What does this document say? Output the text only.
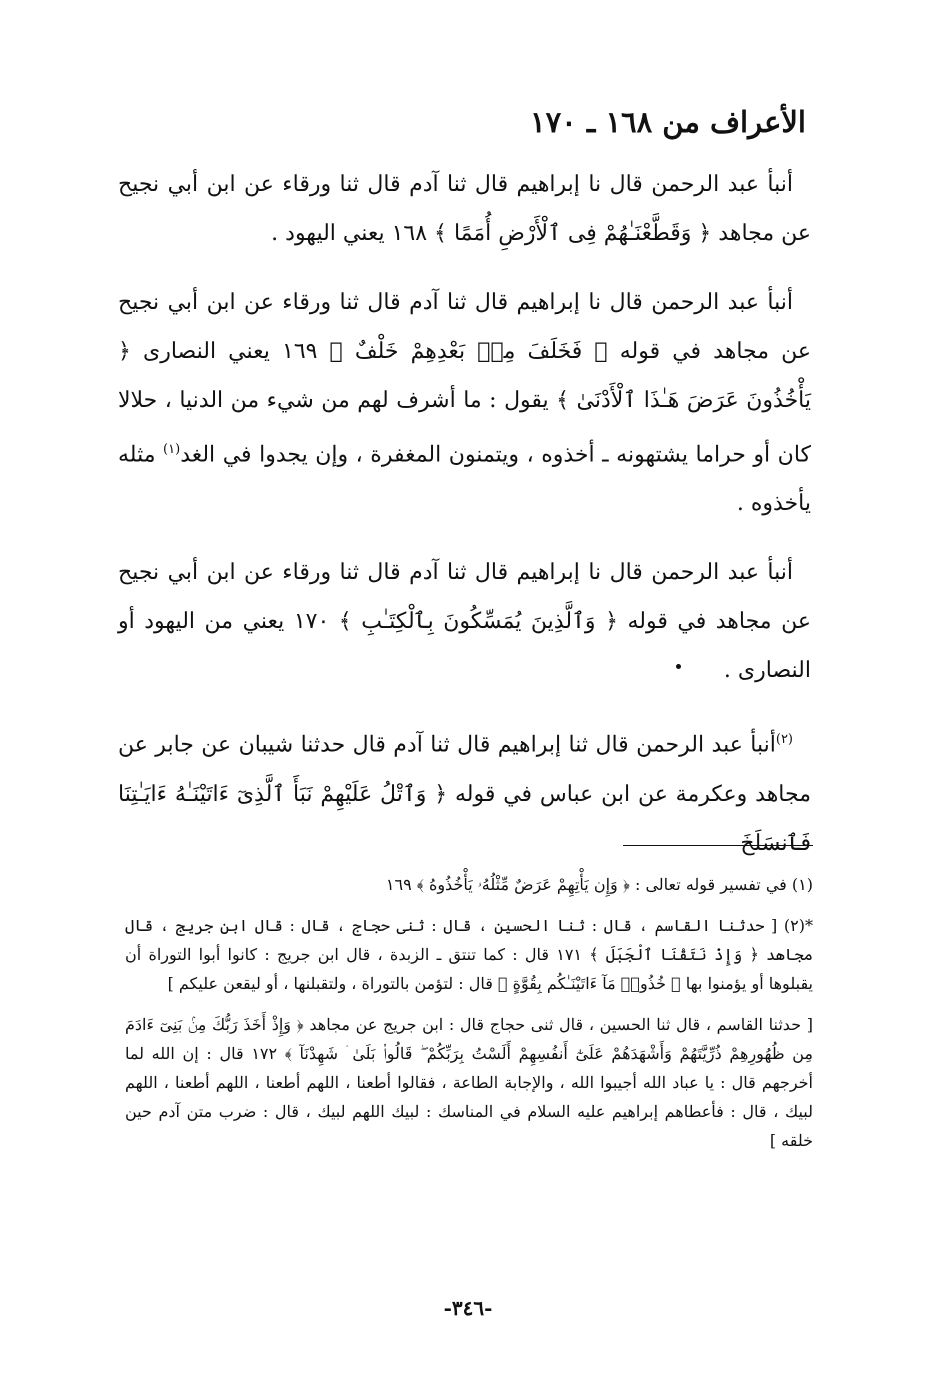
الأعراف من ١٦٨ ـ ١٧٠
أنبأ عبد الرحمن قال نا إبراهيم قال ثنا آدم قال ثنا ورقاء عن ابن أبي نجيح عن مجاهد ﴿ وَقَطَّعْنَـٰهُمْ فِى ٱلْأَرْضِ أُمَمًا ﴾ ١٦٨ يعني اليهود .
أنبأ عبد الرحمن قال نا إبراهيم قال ثنا آدم قال ثنا ورقاء عن ابن أبي نجيح عن مجاهد في قوله ﴿ فَخَلَفَ مِنۢ بَعْدِهِمْ خَلْفٌ ﴾ ١٦٩ يعني النصارى ﴿ يَأْخُذُونَ عَرَضَ هَـٰذَا ٱلْأَدْنَىٰ ﴾ يقول : ما أشرف لهم من شيء من الدنيا ، حلالا كان أو حراما يشتهونه ـ أخذوه ، ويتمنون المغفرة ، وإن يجدوا في الغد$^{(١)}$ مثله يأخذوه .
أنبأ عبد الرحمن قال نا إبراهيم قال ثنا آدم قال ثنا ورقاء عن ابن أبي نجيح عن مجاهد في قوله ﴿ وَٱلَّذِينَ يُمَسِّكُونَ بِٱلْكِتَـٰبِ ﴾ ١٧٠ يعني من اليهود أو النصارى .
$^{(٢)}$أنبأ عبد الرحمن قال ثنا إبراهيم قال ثنا آدم قال حدثنا شيبان عن جابر عن مجاهد وعكرمة عن ابن عباس في قوله ﴿ وَٱتْلُ عَلَيْهِمْ نَبَأَ ٱلَّذِىٓ ءَاتَيْنَـٰهُ ءَايَـٰتِنَا فَٱنسَلَخَ

(١) في تفسير قوله تعالى : ﴿ وَإِن يَأْتِهِمْ عَرَضٌ مِّثْلُهُۥ يَأْخُذُوهُ ﴾ ١٦٩

*(٢) [ حدثنا القاسم ، قال : ثنا الحسين ، قال : ثنى حجاج ، قال : قال ابن جريج ، قال مجاهد ﴿ وَإِذْ نَتَقْنَا ٱلْجَبَلَ ﴾ ١٧١ قال : كما تنتق ـ الزبدة ، قال ابن جريج : كانوا أبوا التوراة أن يقبلوها أو يؤمنوا بها ﴿ خُذُوا۟ مَآ ءَاتَيْنَـٰكُم بِقُوَّةٍ ﴾ قال : لتؤمن بالتوراة ، ولتقبلنها ، أو ليقعن عليكم ]

[ حدثنا القاسم ، قال ثنا الحسين ، قال ثنى حجاج قال : ابن جريج عن مجاهد ﴿ وَإِذْ أَخَذَ رَبُّكَ مِنۢ بَنِىٓ ءَادَمَ مِن ظُهُورِهِمْ ذُرِّيَّتَهُمْ وَأَشْهَدَهُمْ عَلَىٰٓ أَنفُسِهِمْ أَلَسْتُ بِرَبِّكُمْ ۖ قَالُوا۟ بَلَىٰ ۛ شَهِدْنَآ ﴾ ١٧٢ قال : إن الله لما أخرجهم قال : يا عباد الله أجيبوا الله ، والإجابة الطاعة ، فقالوا أطعنا ، اللهم أطعنا ، اللهم أطعنا ، اللهم لبيك ، قال : فأعطاهم إبراهيم عليه السلام في المناسك : لبيك اللهم لبيك ، قال : ضرب متن آدم حين خلقه ]

-٣٤٦-
